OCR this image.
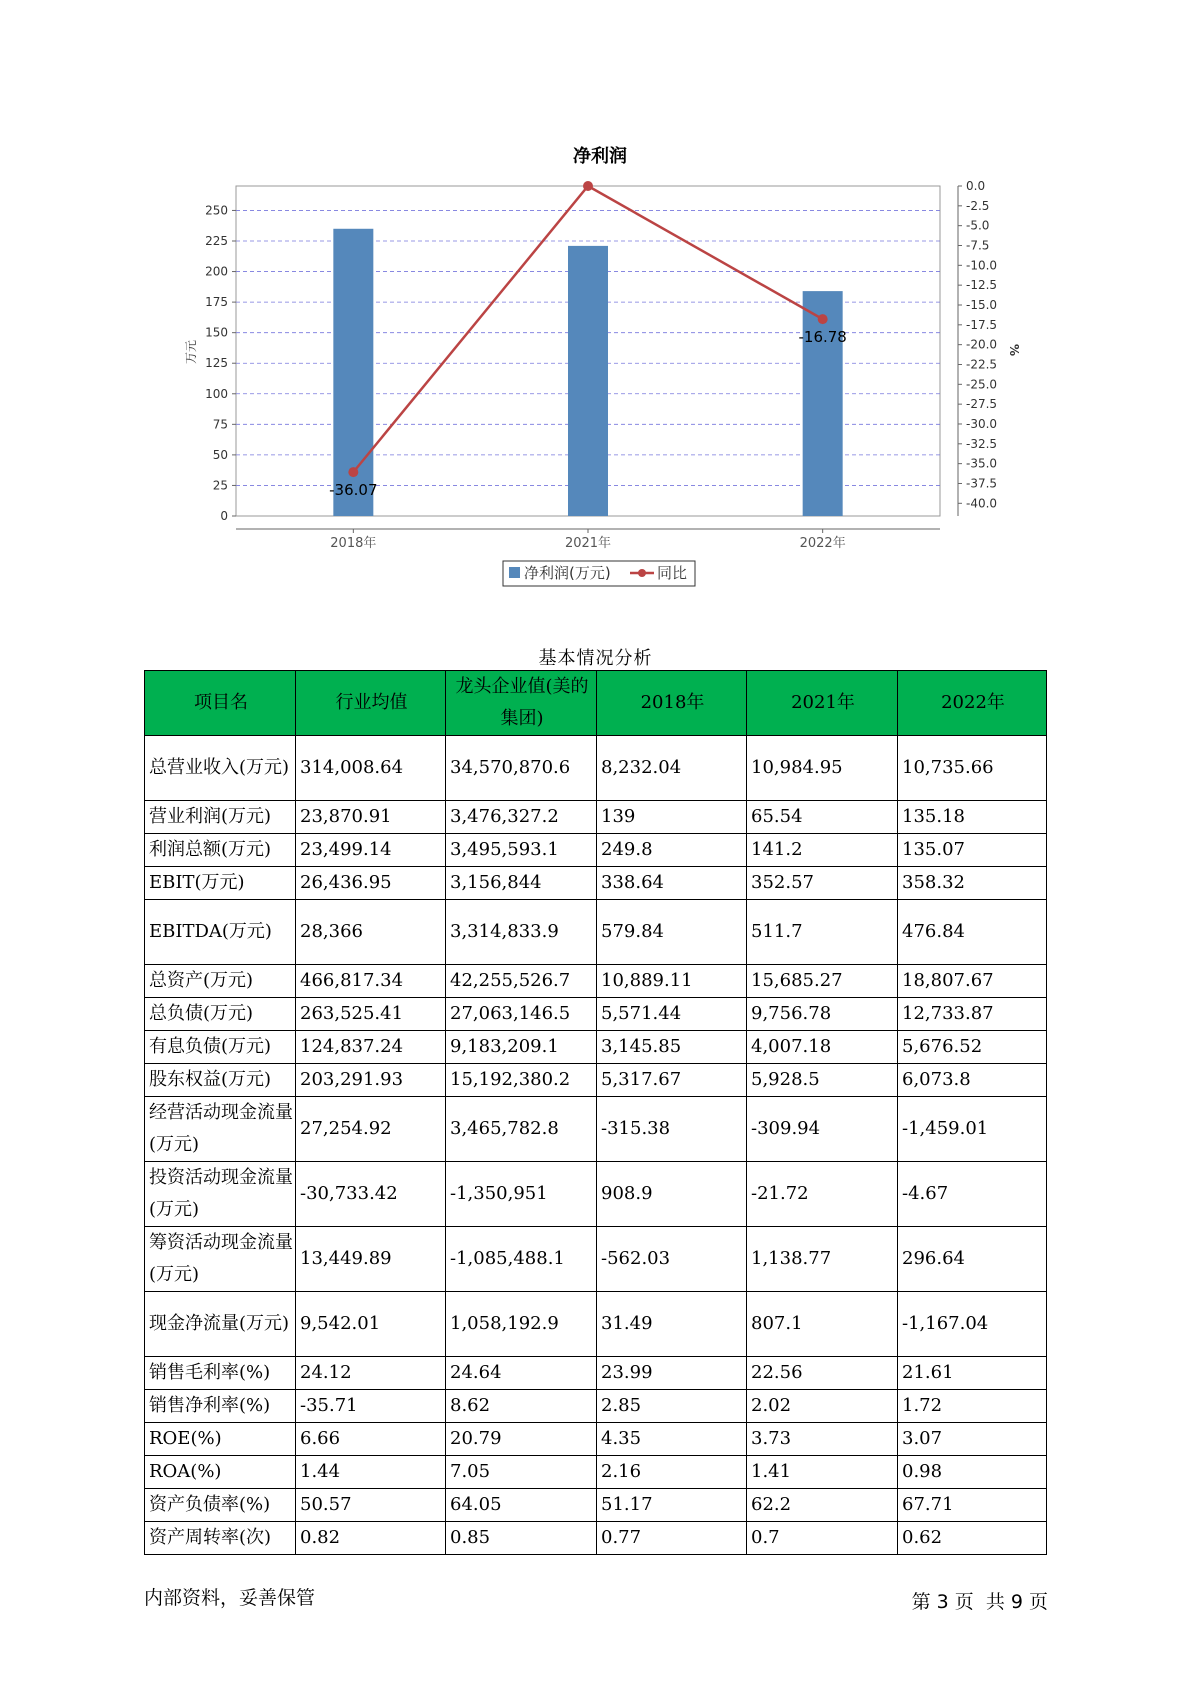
净利润
0
25
50
75
100
125
150
175
200
225
250
0.0
-2.5
-5.0
-7.5
-10.0
-12.5
-15.0
-17.5
-20.0
-22.5
-25.0
-27.5
-30.0
-32.5
-35.0
-37.5
-40.0
-36.07
-16.78
2018年	2021年	2022年
万元	%
净利润(万元)	同比
基本情况分析
项目名	行业均值	龙头企业值(美的集团)	2018年	2021年	2022年
总营业收入(万元)	314,008.64	34,570,870.6	8,232.04	10,984.95	10,735.66
营业利润(万元)	23,870.91	3,476,327.2	139	65.54	135.18
利润总额(万元)	23,499.14	3,495,593.1	249.8	141.2	135.07
EBIT(万元)	26,436.95	3,156,844	338.64	352.57	358.32
EBITDA(万元)	28,366	3,314,833.9	579.84	511.7	476.84
总资产(万元)	466,817.34	42,255,526.7	10,889.11	15,685.27	18,807.67
总负债(万元)	263,525.41	27,063,146.5	5,571.44	9,756.78	12,733.87
有息负债(万元)	124,837.24	9,183,209.1	3,145.85	4,007.18	5,676.52
股东权益(万元)	203,291.93	15,192,380.2	5,317.67	5,928.5	6,073.8
经营活动现金流量(万元)	27,254.92	3,465,782.8	-315.38	-309.94	-1,459.01
投资活动现金流量(万元)	-30,733.42	-1,350,951	908.9	-21.72	-4.67
筹资活动现金流量(万元)	13,449.89	-1,085,488.1	-562.03	1,138.77	296.64
现金净流量(万元)	9,542.01	1,058,192.9	31.49	807.1	-1,167.04
销售毛利率(%)	24.12	24.64	23.99	22.56	21.61
销售净利率(%)	-35.71	8.62	2.85	2.02	1.72
ROE(%)	6.66	20.79	4.35	3.73	3.07
ROA(%)	1.44	7.05	2.16	1.41	0.98
资产负债率(%)	50.57	64.05	51.17	62.2	67.71
资产周转率(次)	0.82	0.85	0.77	0.7	0.62
内部资料，妥善保管	第 3 页  共 9 页
